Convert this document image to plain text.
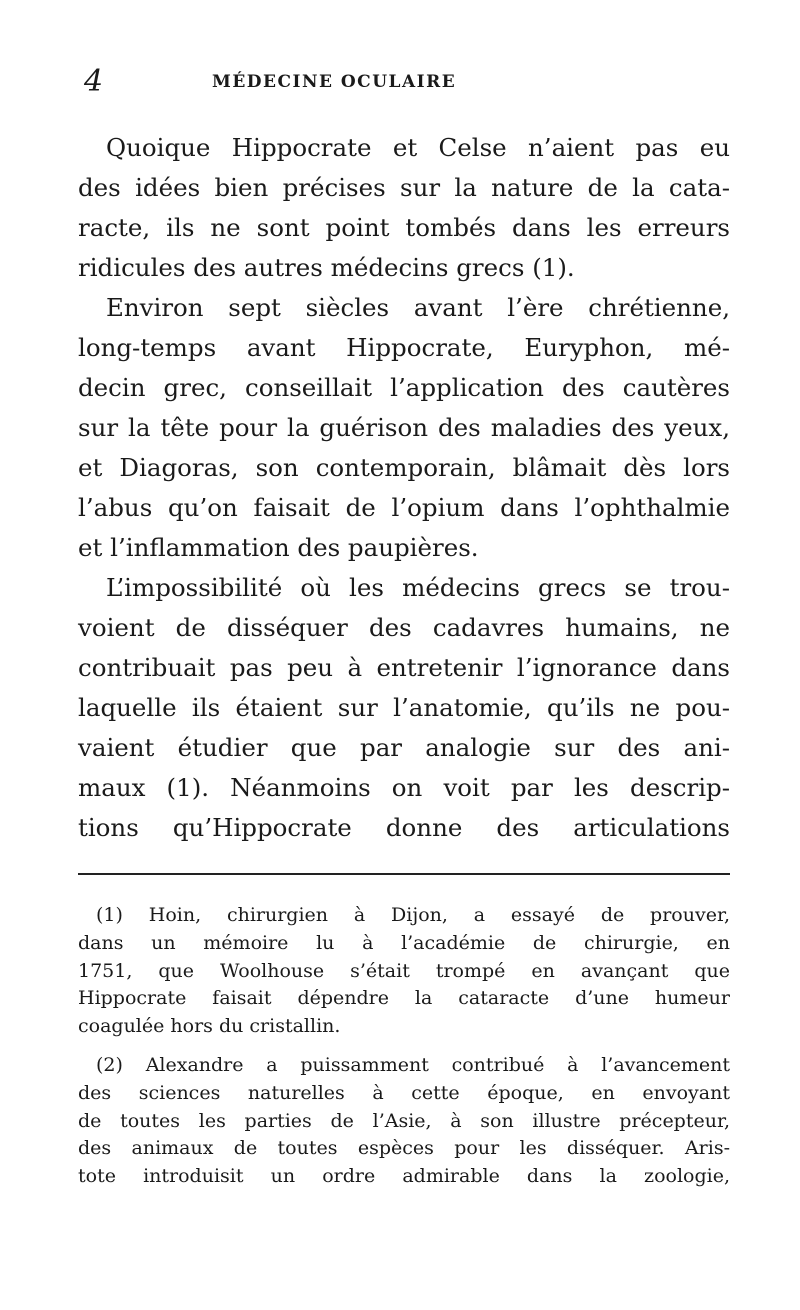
4	MÉDECINE OCULAIRE
Quoique Hippocrate et Celse n’aient pas eu
des idées bien précises sur la nature de la cata-
racte, ils ne sont point tombés dans les erreurs
ridicules des autres médecins grecs (1).
Environ sept siècles avant l’ère chrétienne,
long-temps avant Hippocrate, Euryphon, mé-
decin grec, conseillait l’application des cautères
sur la tête pour la guérison des maladies des yeux,
et Diagoras, son contemporain, blâmait dès lors
l’abus qu’on faisait de l’opium dans l’ophthalmie
et l’inflammation des paupières.
L’impossibilité où les médecins grecs se trou-
voient de disséquer des cadavres humains, ne
contribuait pas peu à entretenir l’ignorance dans
laquelle ils étaient sur l’anatomie, qu’ils ne pou-
vaient étudier que par analogie sur des ani-
maux (1). Néanmoins on voit par les descrip-
tions qu’Hippocrate donne des articulations
(1) Hoin, chirurgien à Dijon, a essayé de prouver,
dans un mémoire lu à l’académie de chirurgie, en
1751, que Woolhouse s’était trompé en avançant que
Hippocrate faisait dépendre la cataracte d’une humeur
coagulée hors du cristallin.
(2) Alexandre a puissamment contribué à l’avancement
des sciences naturelles à cette époque, en envoyant
de toutes les parties de l’Asie, à son illustre précepteur,
des animaux de toutes espèces pour les disséquer. Aris-
tote introduisit un ordre admirable dans la zoologie,
